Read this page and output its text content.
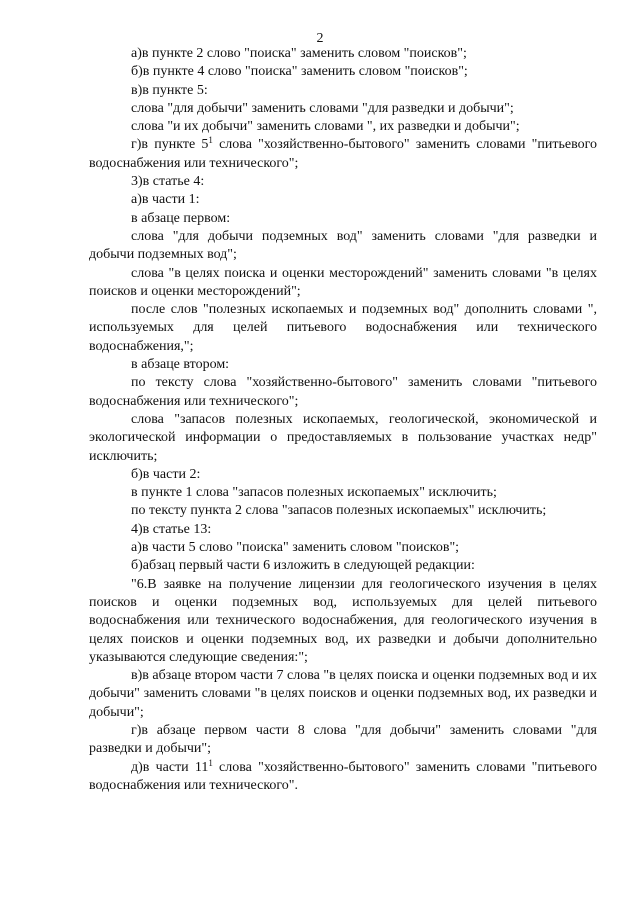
2

а)в пункте 2 слово "поиска" заменить словом "поисков";

б)в пункте 4 слово "поиска" заменить словом "поисков";

в)в пункте 5:

слова "для добычи" заменить словами "для разведки и добычи";

слова "и их добычи" заменить словами ", их разведки и добычи";

г)в пункте $5^1$ слова "хозяйственно-бытового" заменить словами "питьевого водоснабжения или технического";

3)в статье 4:

а)в части 1:

в абзаце первом:

слова "для добычи подземных вод" заменить словами "для разведки и добычи подземных вод";

слова "в целях поиска и оценки месторождений" заменить словами "в целях поисков и оценки месторождений";

после слов "полезных ископаемых и подземных вод" дополнить словами ", используемых для целей питьевого водоснабжения или технического водоснабжения,";

в абзаце втором:

по тексту слова "хозяйственно-бытового" заменить словами "питьевого водоснабжения или технического";

слова "запасов полезных ископаемых, геологической, экономической и экологической информации о предоставляемых в пользование участках недр" исключить;

б)в части 2:

в пункте 1 слова "запасов полезных ископаемых" исключить;

по тексту пункта 2 слова "запасов полезных ископаемых" исключить;

4)в статье 13:

а)в части 5 слово "поиска" заменить словом "поисков";

б)абзац первый части 6 изложить в следующей редакции:

"6.В заявке на получение лицензии для геологического изучения в целях поисков и оценки подземных вод, используемых для целей питьевого водоснабжения или технического водоснабжения, для геологического изучения в целях поисков и оценки подземных вод, их разведки и добычи дополнительно указываются следующие сведения:";

в)в абзаце втором части 7 слова "в целях поиска и оценки подземных вод и их добычи" заменить словами "в целях поисков и оценки подземных вод, их разведки и добычи";

г)в абзаце первом части 8 слова "для добычи" заменить словами "для разведки и добычи";

д)в части $11^1$ слова "хозяйственно-бытового" заменить словами "питьевого водоснабжения или технического".
